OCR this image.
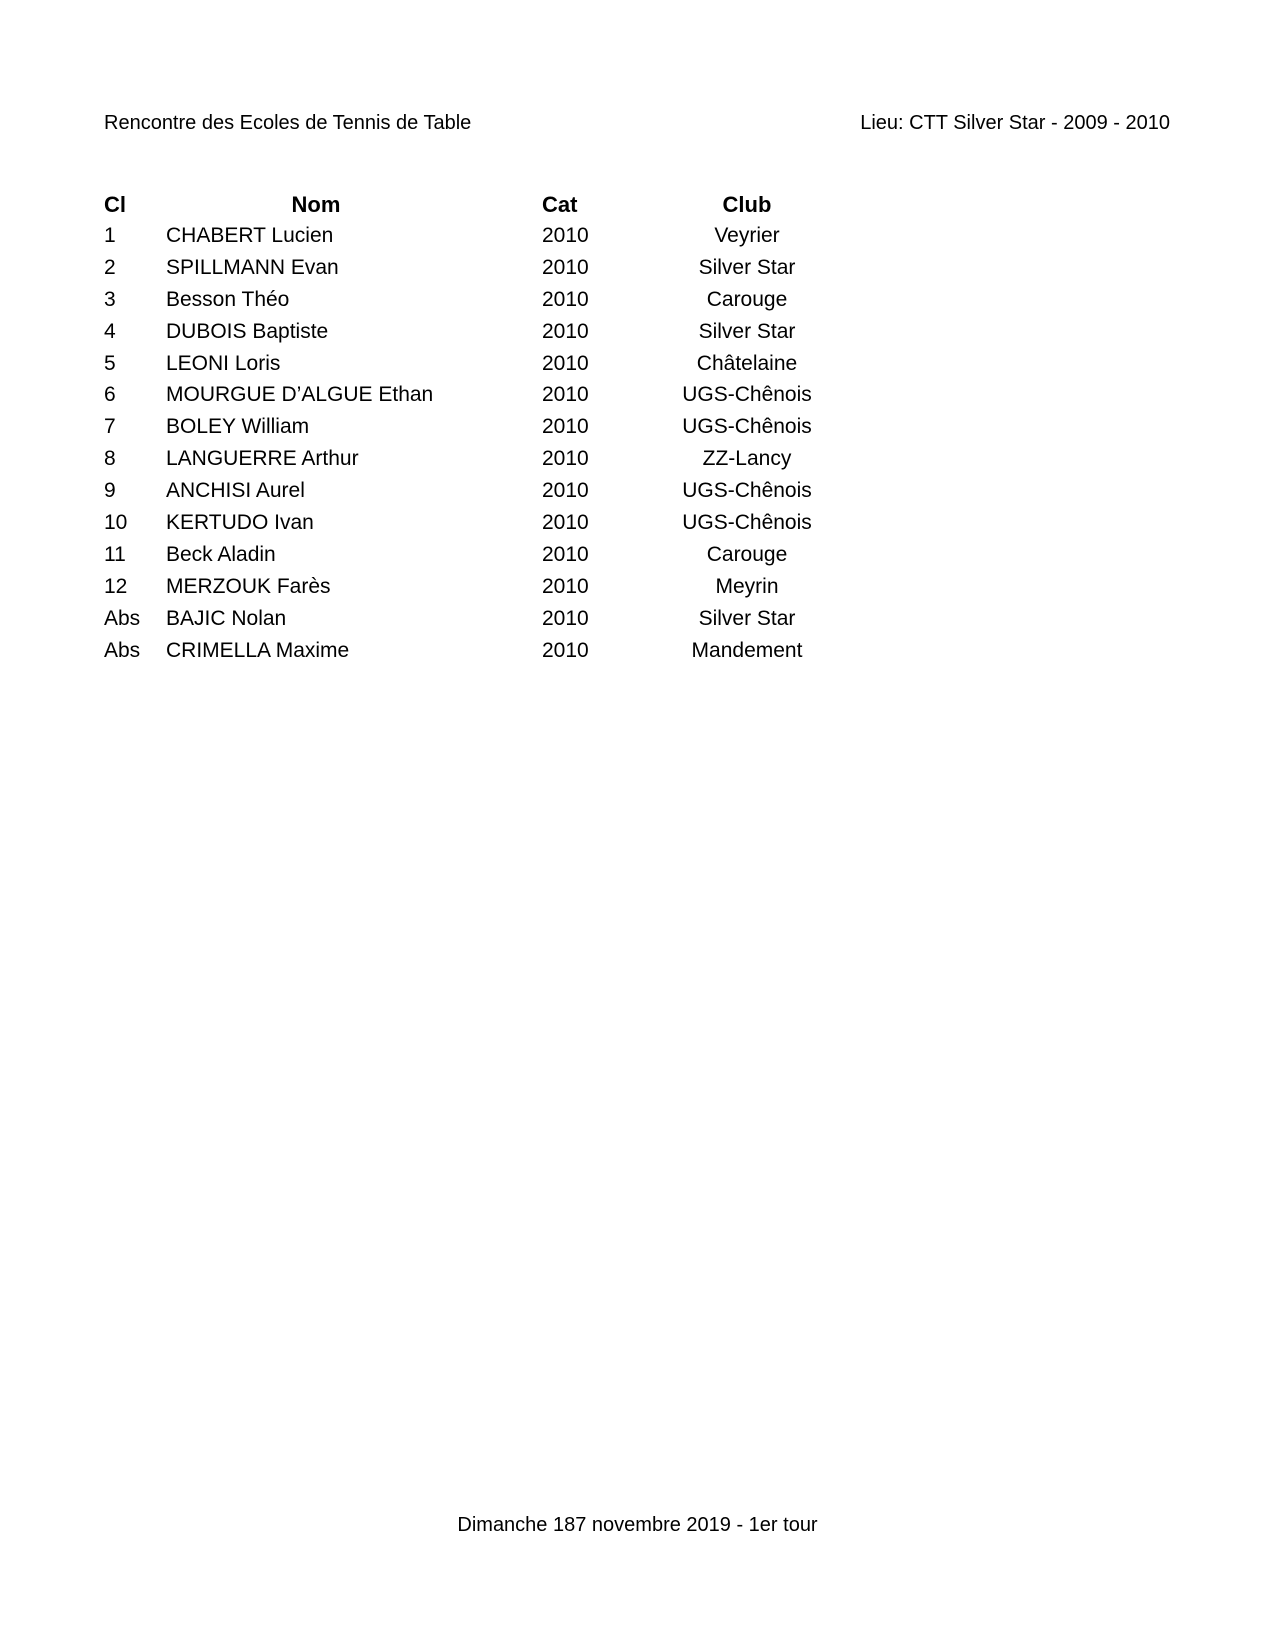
Rencontre des Ecoles de Tennis de Table	Lieu: CTT Silver Star - 2009 - 2010
Cl	Nom	Cat	Club
1	CHABERT Lucien	2010	Veyrier
2	SPILLMANN Evan	2010	Silver Star
3	Besson Théo	2010	Carouge
4	DUBOIS Baptiste	2010	Silver Star
5	LEONI Loris	2010	Châtelaine
6	MOURGUE D’ALGUE Ethan	2010	UGS-Chênois
7	BOLEY William	2010	UGS-Chênois
8	LANGUERRE Arthur	2010	ZZ-Lancy
9	ANCHISI Aurel	2010	UGS-Chênois
10	KERTUDO Ivan	2010	UGS-Chênois
11	Beck Aladin	2010	Carouge
12	MERZOUK Farès	2010	Meyrin
Abs	BAJIC Nolan	2010	Silver Star
Abs	CRIMELLA Maxime	2010	Mandement
Dimanche 187 novembre 2019 - 1er tour
